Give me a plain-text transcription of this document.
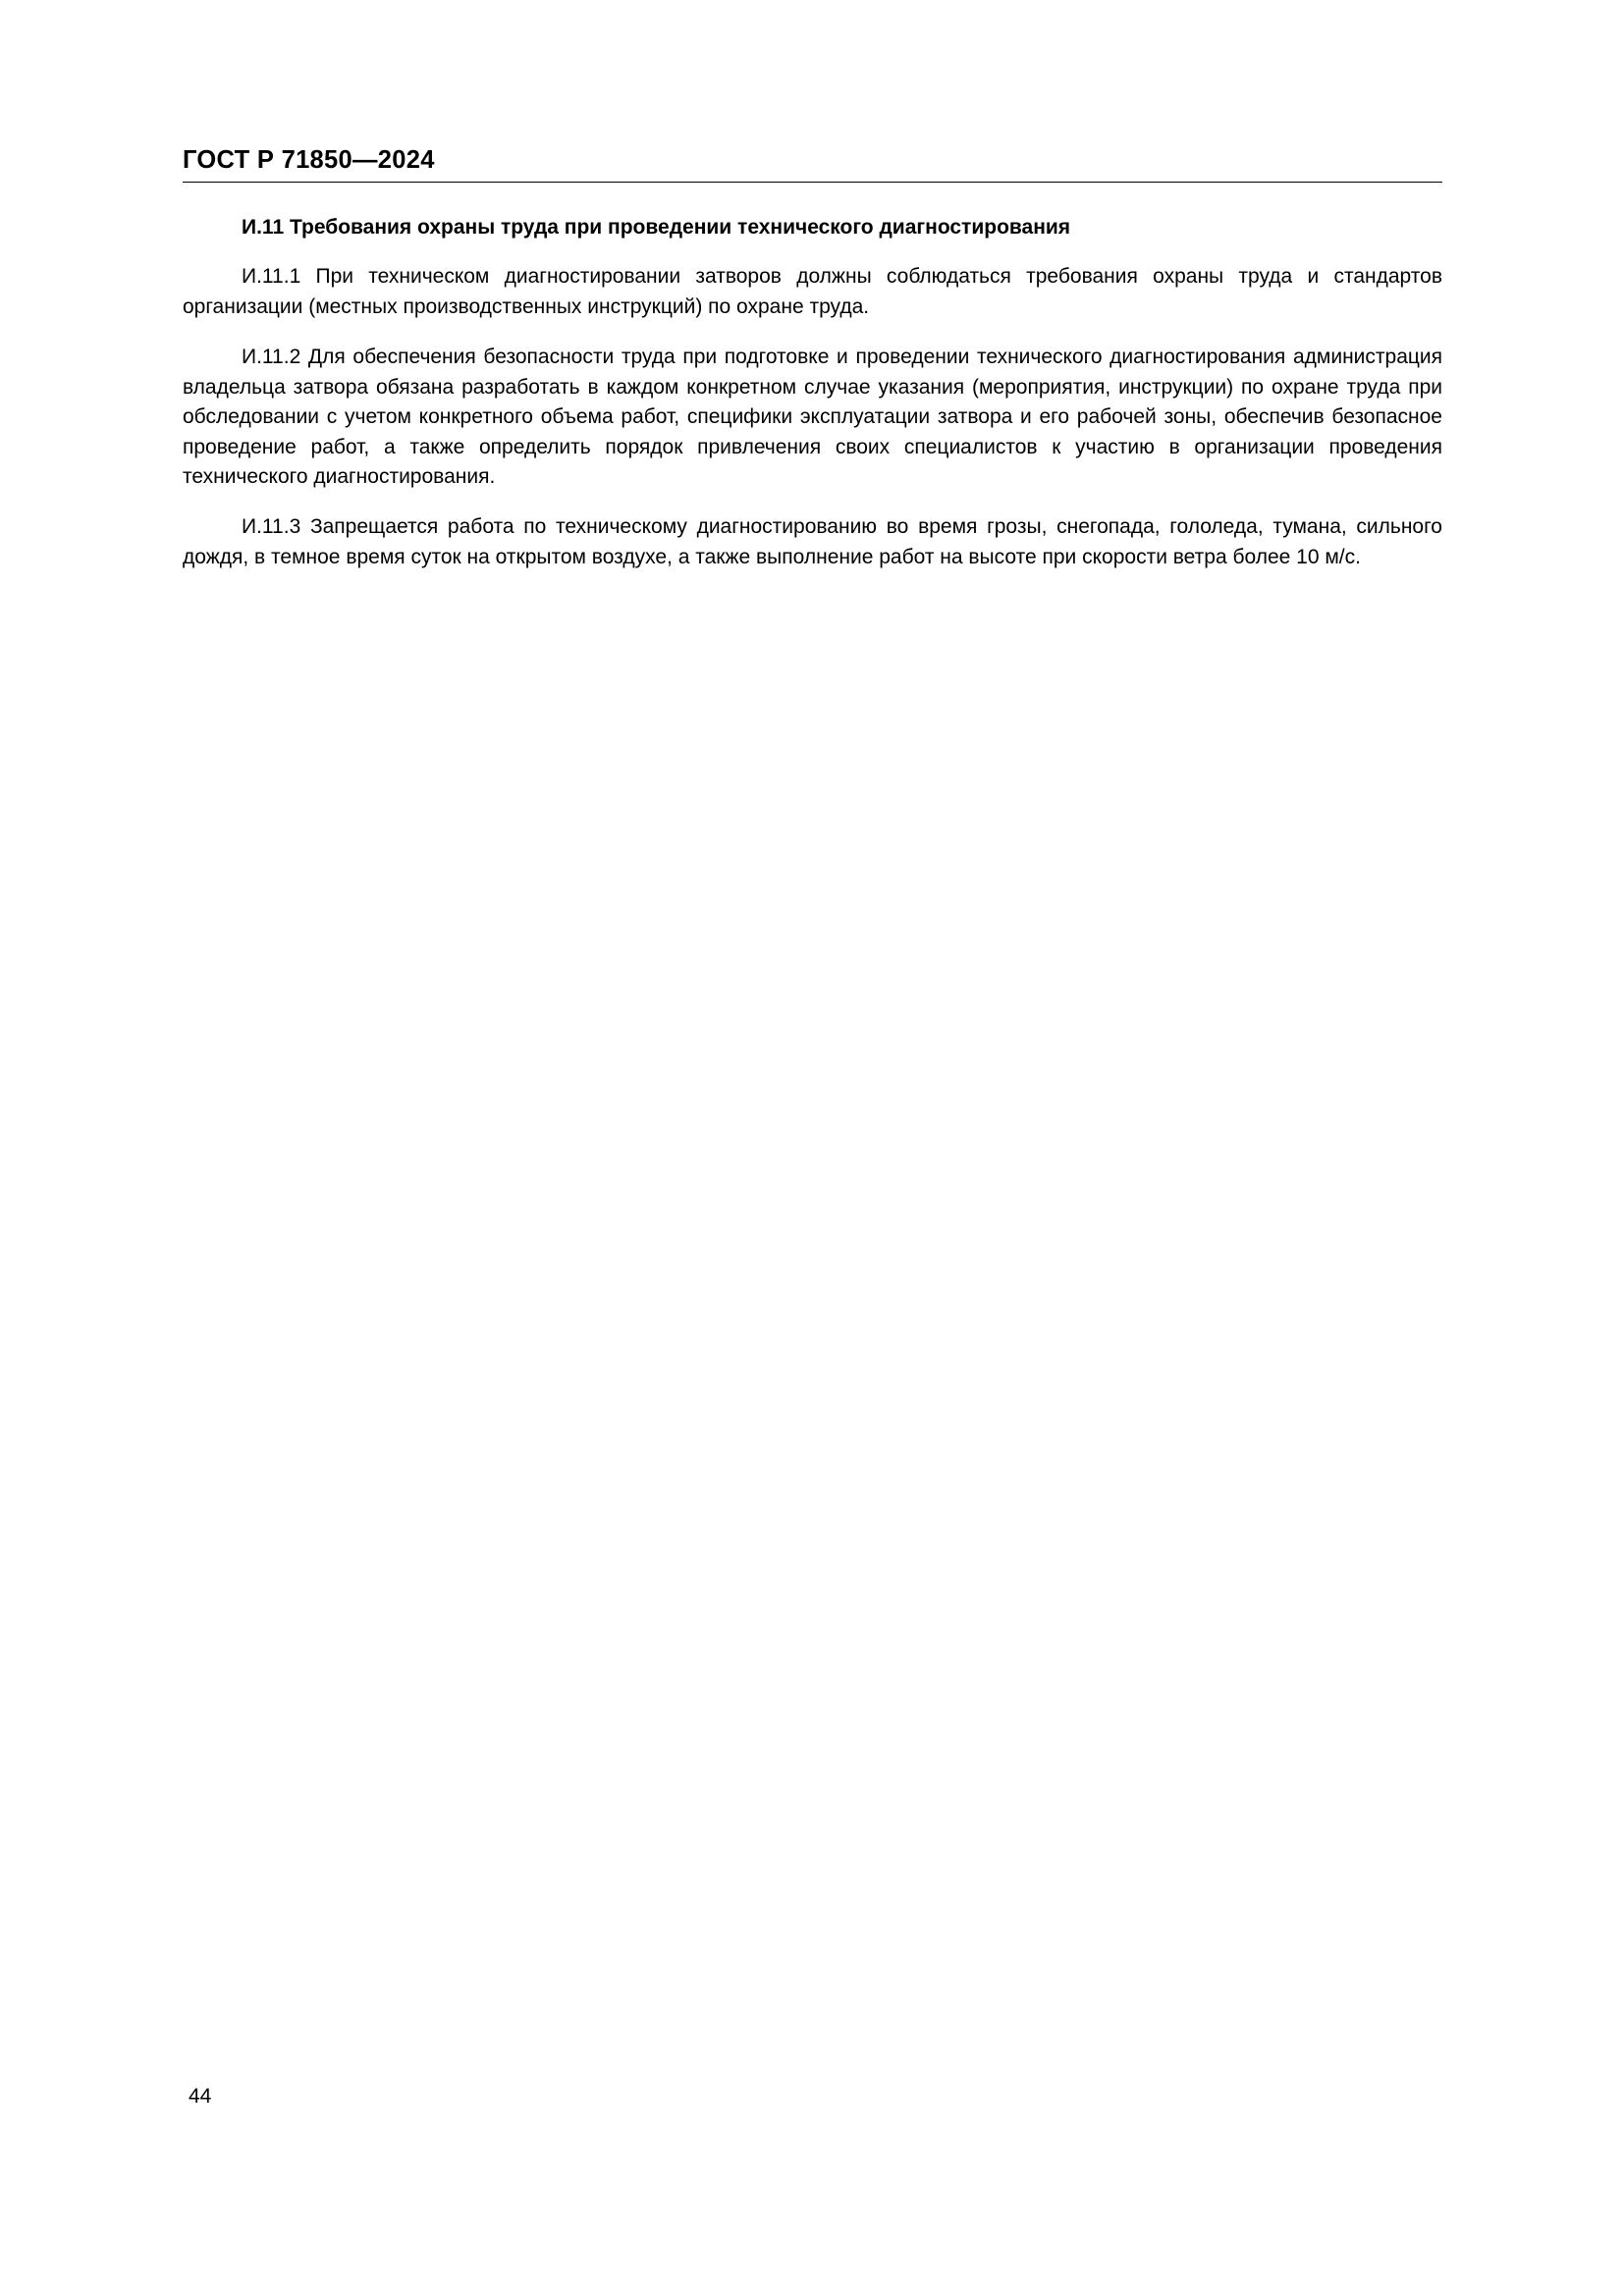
ГОСТ Р 71850—2024
И.11 Требования охраны труда при проведении технического диагностирования

И.11.1 При техническом диагностировании затворов должны соблюдаться требования охраны труда и стандартов организации (местных производственных инструкций) по охране труда.

И.11.2 Для обеспечения безопасности труда при подготовке и проведении технического диагностирования администрация владельца затвора обязана разработать в каждом конкретном случае указания (мероприятия, инструкции) по охране труда при обследовании с учетом конкретного объема работ, специфики эксплуатации затвора и его рабочей зоны, обеспечив безопасное проведение работ, а также определить порядок привлечения своих специалистов к участию в организации проведения технического диагностирования.

И.11.3 Запрещается работа по техническому диагностированию во время грозы, снегопада, гололеда, тумана, сильного дождя, в темное время суток на открытом воздухе, а также выполнение работ на высоте при скорости ветра более 10 м/с.

44
